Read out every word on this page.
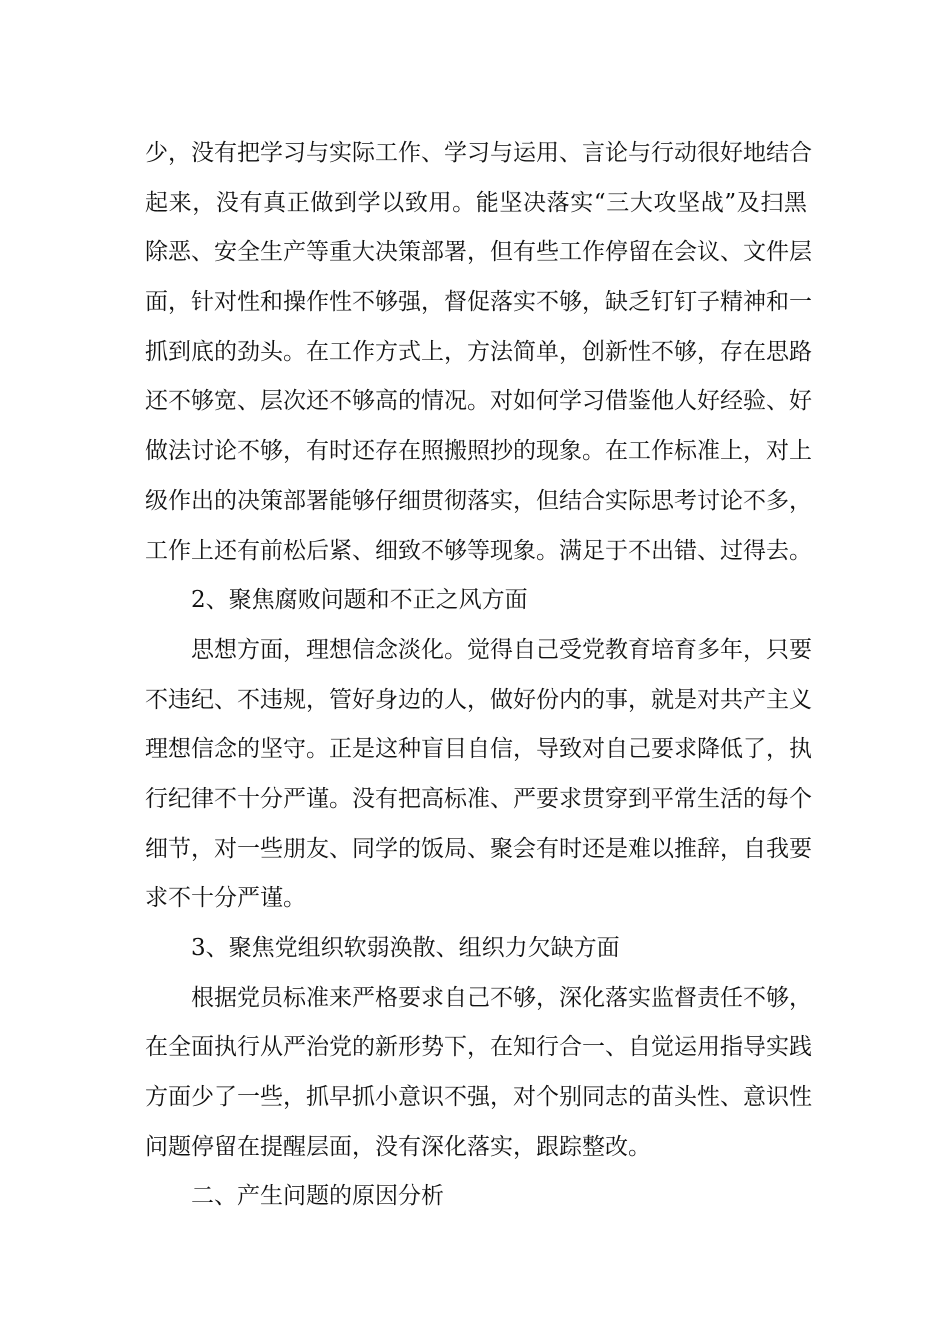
少，没有把学习与实际工作、学习与运用、言论与行动很好地结合
起来，没有真正做到学以致用。能坚决落实“三大攻坚战”及扫黑
除恶、安全生产等重大决策部署，但有些工作停留在会议、文件层
面，针对性和操作性不够强，督促落实不够，缺乏钉钉子精神和一
抓到底的劲头。在工作方式上，方法简单，创新性不够，存在思路
还不够宽、层次还不够高的情况。对如何学习借鉴他人好经验、好
做法讨论不够，有时还存在照搬照抄的现象。在工作标准上，对上
级作出的决策部署能够仔细贯彻落实，但结合实际思考讨论不多，
工作上还有前松后紧、细致不够等现象。满足于不出错、过得去。
2、聚焦腐败问题和不正之风方面
思想方面，理想信念淡化。觉得自己受党教育培育多年，只要
不违纪、不违规，管好身边的人，做好份内的事，就是对共产主义
理想信念的坚守。正是这种盲目自信，导致对自己要求降低了，执
行纪律不十分严谨。没有把高标准、严要求贯穿到平常生活的每个
细节，对一些朋友、同学的饭局、聚会有时还是难以推辞，自我要
求不十分严谨。
3、聚焦党组织软弱涣散、组织力欠缺方面
根据党员标准来严格要求自己不够，深化落实监督责任不够，
在全面执行从严治党的新形势下，在知行合一、自觉运用指导实践
方面少了一些，抓早抓小意识不强，对个别同志的苗头性、意识性
问题停留在提醒层面，没有深化落实，跟踪整改。
二、产生问题的原因分析
